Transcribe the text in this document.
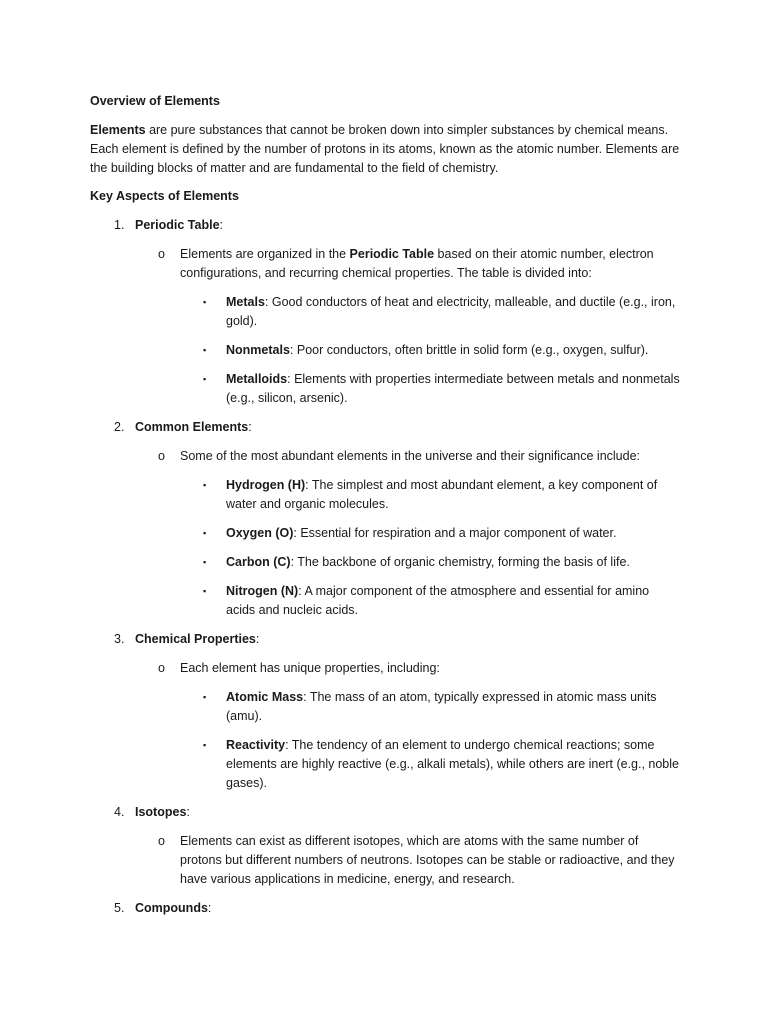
Overview of Elements

Elements are pure substances that cannot be broken down into simpler substances by chemical means. Each element is defined by the number of protons in its atoms, known as the atomic number. Elements are the building blocks of matter and are fundamental to the field of chemistry.

Key Aspects of Elements

1. Periodic Table:
o Elements are organized in the Periodic Table based on their atomic number, electron configurations, and recurring chemical properties. The table is divided into:
▪ Metals: Good conductors of heat and electricity, malleable, and ductile (e.g., iron, gold).
▪ Nonmetals: Poor conductors, often brittle in solid form (e.g., oxygen, sulfur).
▪ Metalloids: Elements with properties intermediate between metals and nonmetals (e.g., silicon, arsenic).
2. Common Elements:
o Some of the most abundant elements in the universe and their significance include:
▪ Hydrogen (H): The simplest and most abundant element, a key component of water and organic molecules.
▪ Oxygen (O): Essential for respiration and a major component of water.
▪ Carbon (C): The backbone of organic chemistry, forming the basis of life.
▪ Nitrogen (N): A major component of the atmosphere and essential for amino acids and nucleic acids.
3. Chemical Properties:
o Each element has unique properties, including:
▪ Atomic Mass: The mass of an atom, typically expressed in atomic mass units (amu).
▪ Reactivity: The tendency of an element to undergo chemical reactions; some elements are highly reactive (e.g., alkali metals), while others are inert (e.g., noble gases).
4. Isotopes:
o Elements can exist as different isotopes, which are atoms with the same number of protons but different numbers of neutrons. Isotopes can be stable or radioactive, and they have various applications in medicine, energy, and research.
5. Compounds:
